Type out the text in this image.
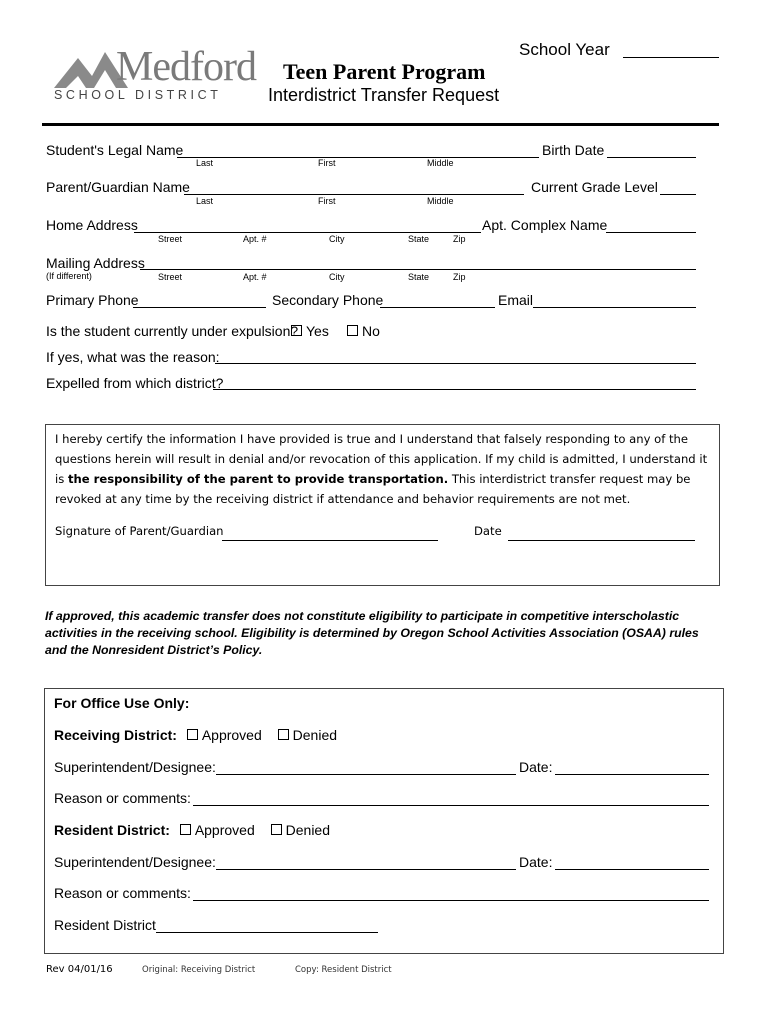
School Year
Medford
SCHOOL DISTRICT
Teen Parent Program
Interdistrict Transfer Request
Student's Legal Name
Last	First	Middle
Birth Date
Parent/Guardian Name
Last	First	Middle
Current Grade Level
Home Address
Street	Apt. #	City	State	Zip
Apt. Complex Name
Mailing Address
(If different)	Street	Apt. #	City	State	Zip
Primary Phone	Secondary Phone	Email
Is the student currently under expulsion? Yes	No
If yes, what was the reason:
Expelled from which district?
I hereby certify the information I have provided is true and I understand that falsely responding to any of the questions herein will result in denial and/or revocation of this application. If my child is admitted, I understand it is the responsibility of the parent to provide transportation. This interdistrict transfer request may be revoked at any time by the receiving district if attendance and behavior requirements are not met.
Signature of Parent/Guardian	Date
If approved, this academic transfer does not constitute eligibility to participate in competitive interscholastic activities in the receiving school. Eligibility is determined by Oregon School Activities Association (OSAA) rules and the Nonresident District’s Policy.
For Office Use Only:
Receiving District: Approved Denied
Superintendent/Designee:	Date:
Reason or comments:
Resident District: Approved Denied
Superintendent/Designee:	Date:
Reason or comments:
Resident District
Rev 04/01/16	Original: Receiving District	Copy: Resident District
